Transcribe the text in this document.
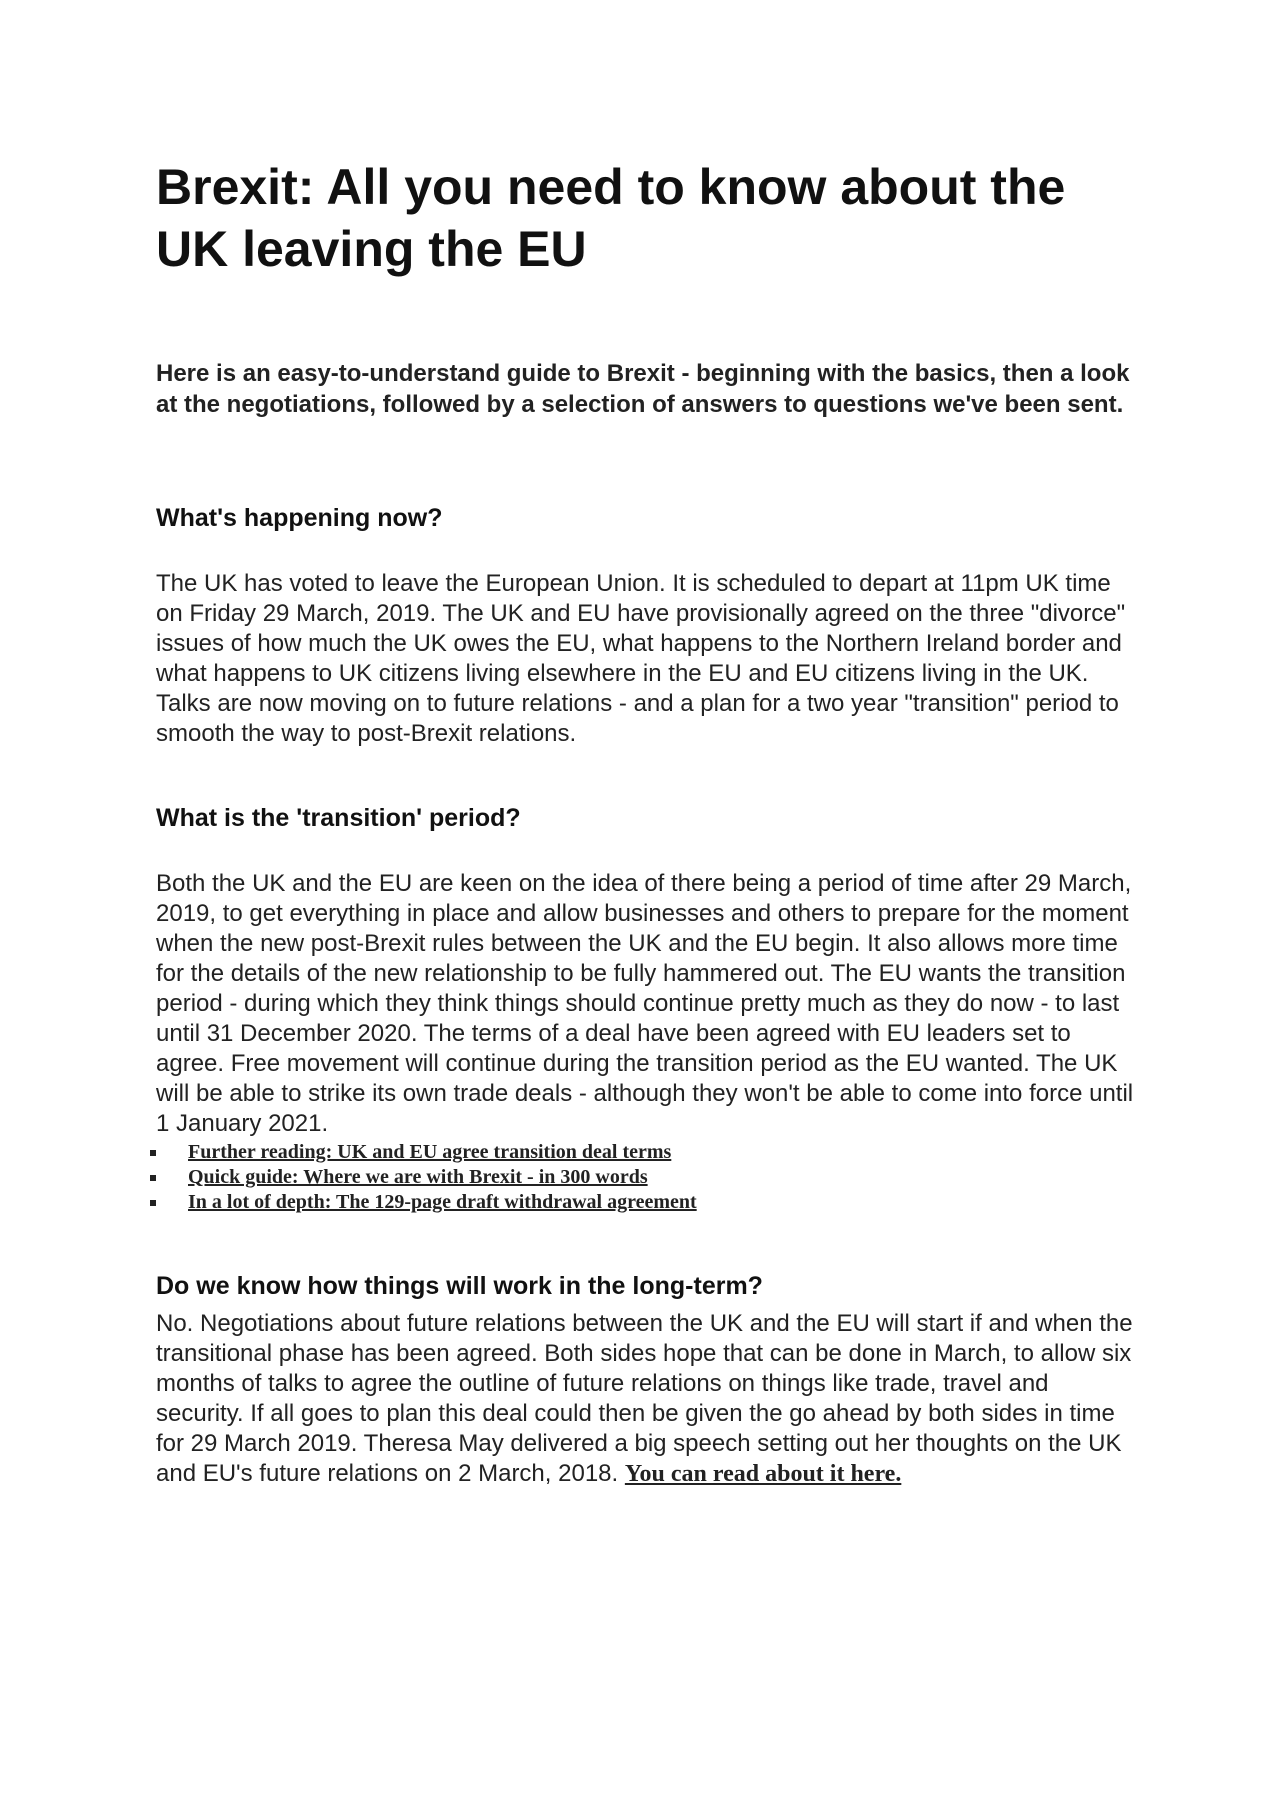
Brexit: All you need to know about the UK leaving the EU

Here is an easy-to-understand guide to Brexit - beginning with the basics, then a look at the negotiations, followed by a selection of answers to questions we've been sent.

What's happening now?

The UK has voted to leave the European Union. It is scheduled to depart at 11pm UK time on Friday 29 March, 2019. The UK and EU have provisionally agreed on the three "divorce" issues of how much the UK owes the EU, what happens to the Northern Ireland border and what happens to UK citizens living elsewhere in the EU and EU citizens living in the UK. Talks are now moving on to future relations - and a plan for a two year "transition" period to smooth the way to post-Brexit relations.

What is the 'transition' period?

Both the UK and the EU are keen on the idea of there being a period of time after 29 March, 2019, to get everything in place and allow businesses and others to prepare for the moment when the new post-Brexit rules between the UK and the EU begin. It also allows more time for the details of the new relationship to be fully hammered out. The EU wants the transition period - during which they think things should continue pretty much as they do now - to last until 31 December 2020. The terms of a deal have been agreed with EU leaders set to agree. Free movement will continue during the transition period as the EU wanted. The UK will be able to strike its own trade deals - although they won't be able to come into force until 1 January 2021.

Further reading: UK and EU agree transition deal terms
Quick guide: Where we are with Brexit - in 300 words
In a lot of depth: The 129-page draft withdrawal agreement
Do we know how things will work in the long-term?

No. Negotiations about future relations between the UK and the EU will start if and when the transitional phase has been agreed. Both sides hope that can be done in March, to allow six months of talks to agree the outline of future relations on things like trade, travel and security. If all goes to plan this deal could then be given the go ahead by both sides in time for 29 March 2019. Theresa May delivered a big speech setting out her thoughts on the UK and EU's future relations on 2 March, 2018. You can read about it here.
